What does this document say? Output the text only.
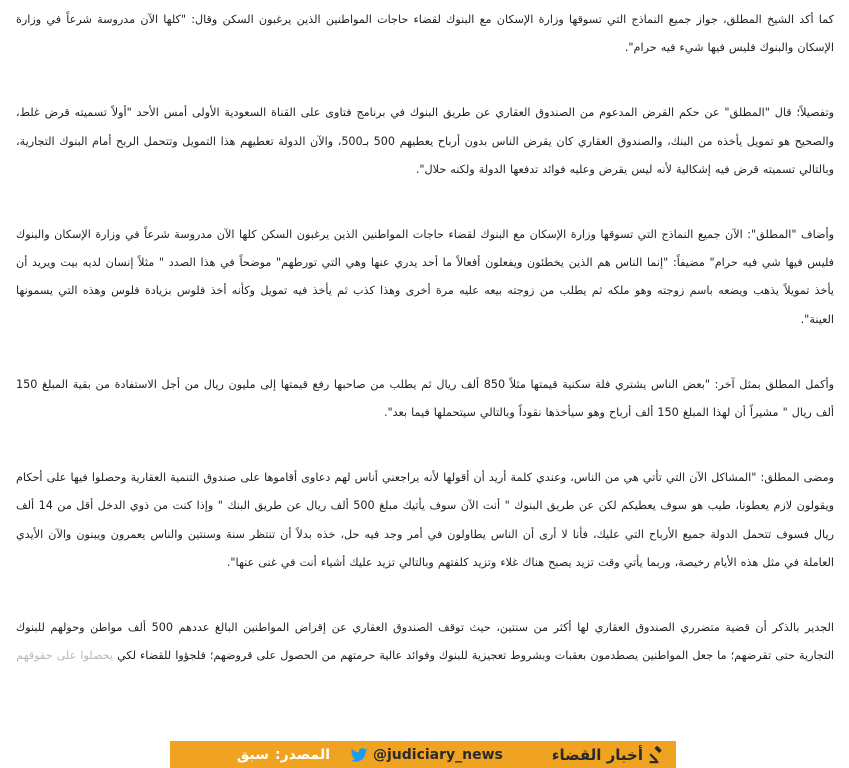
كما أكد الشيخ المطلق، جواز جميع النماذج التي تسوقها وزارة الإسكان مع البنوك لقضاء حاجات المواطنين الذين يرغبون السكن وقال: "كلها الآن مدروسة شرعاً في وزارة الإسكان والبنوك فليس فيها شيء فيه حرام".

وتفصيلاً؛ قال "المطلق" عن حكم القرض المدعوم من الصندوق العقاري عن طريق البنوك في برنامج فتاوى على القناة السعودية الأولى أمس الأحد "أولاً تسميته قرض غلط، والصحيح هو تمويل يأخذه من البنك، والصندوق العقاري كان يقرض الناس بدون أرباح يعطيهم 500 بـ500، والآن الدولة تعطيهم هذا التمويل وتتحمل الربح أمام البنوك التجارية، وبالتالي تسميته قرض فيه إشكالية لأنه ليس يقرض وعليه فوائد تدفعها الدولة ولكنه حلال".

وأضاف "المطلق": الآن جميع النماذج التي تسوقها وزارة الإسكان مع البنوك لقضاء حاجات المواطنين الذين يرغبون السكن كلها الآن مدروسة شرعاً في وزارة الإسكان والبنوك فليس فيها شي فيه حرام" مضيفاً: "إنما الناس هم الذين يخطئون ويفعلون أفعالاً ما أحد يدري عنها وهي التي تورطهم" موضحاً في هذا الصدد " مثلاً إنسان لديه بيت ويريد أن يأخذ تمويلاً يذهب ويضعه باسم زوجته وهو ملكه ثم يطلب من زوجته بيعه عليه مرة أخرى وهذا كذب ثم يأخذ فيه تمويل وكأنه أخذ فلوس بزيادة فلوس وهذه التي يسمونها العينة".

وأكمل المطلق بمثل آخر: "بعض الناس يشتري فلة سكنية قيمتها مثلاً 850 ألف ريال ثم يطلب من صاحبها رفع قيمتها إلى مليون ريال من أجل الاستفادة من بقية المبلغ 150 ألف ريال " مشيراً أن لهذا المبلغ 150 ألف أرباح وهو سيأخذها نقوداً وبالتالي سيتحملها فيما بعد".

ومضى المطلق: "المشاكل الآن التي تأتي هي من الناس، وعندي كلمة أريد أن أقولها لأنه يراجعني أناس لهم دعاوى أقاموها على صندوق التنمية العقارية وحصلوا فيها على أحكام ويقولون لازم يعطونا، طيب هو سوف يعطيكم لكن عن طريق البنوك " أنت الآن سوف يأتيك مبلغ 500 ألف ريال عن طريق البنك " وإذا كنت من ذوي الدخل أقل من 14 ألف ريال فسوف تتحمل الدولة جميع الأرباح التي عليك، فأنا لا أرى أن الناس يطاولون في أمر وجد فيه حل، خذه بدلاً أن تنتظر سنة وسنتين والناس يعمرون ويبنون والآن الأيدي العاملة في مثل هذه الأيام رخيصة، وربما يأتي وقت تزيد يصبح هناك غلاء وتزيد كلفتهم وبالتالي تزيد عليك أشياء أنت في غنى عنها".

الجدير بالذكر أن قضية متضرري الصندوق العقاري لها أكثر من سنتين، حيث توقف الصندوق العقاري عن إقراض المواطنين البالغ عددهم 500 ألف مواطن وحولهم للبنوك التجارية حتى تقرضهم؛ ما جعل المواطنين يصطدمون بعقبات وبشروط تعجيزية للبنوك وفوائد عالية حرمتهم من الحصول على قروضهم؛ فلجؤوا للقضاء لكي يحصلوا على حقوقهم

المصدر:
سبق	@judiciary_news	أخبار القضاء
